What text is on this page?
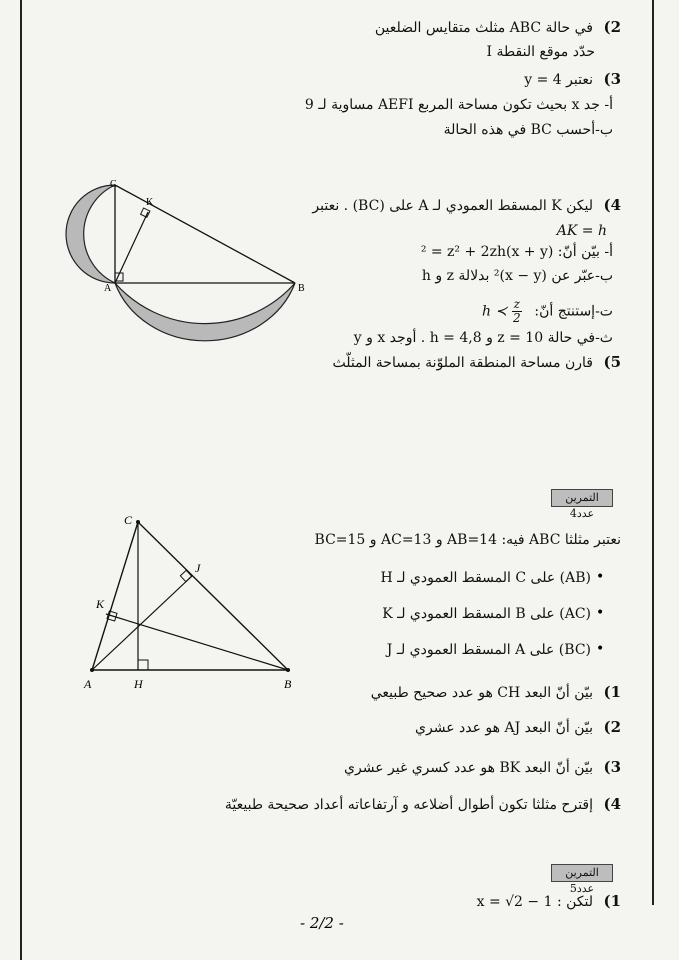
2) في حالة ABC مثلث متقايس الضلعين
حدّد موقع النقطة I
3) نعتبر y = 4
أ- جد x بحيث تكون مساحة المربع AEFI مساوية لـ 9
ب-أحسب BC في هذه الحالة
4) ليكن K المسقط العمودي لـ A على (BC) . نعتبر
AK = h
أ- بيّن أنّ: (x + y)² = z² + 2zh
ب-عبّر عن (x − y)² بدلالة z و h
ت-إستنتج أنّ: h ≺ $\frac{z}{2}$
ث-في حالة z = 10 و h = 4,8 . أوجد x و y
5) قارن مساحة المنطقة الملوّنة بمساحة المثلّث
C
K
A	B
التمرين عدد4
نعتبر مثلثا ABC فيه: AB=14 و AC=13 و BC=15
H المسقط العمودي لـ C على (AB) •
K المسقط العمودي لـ B على (AC) •
J المسقط العمودي لـ A على (BC) •
1) بيّن أنّ البعد CH هو عدد صحيح طبيعي
2) بيّن أنّ البعد AJ هو عدد عشري
3) بيّن أنّ البعد BK هو عدد كسري غير عشري
4) إقترح مثلثا تكون أطوال أضلاعه و آرتفاعاته أعداد صحيحة طبيعيّة
C
J
K
A	H	B
التمرين عدد5
1) لتكن : x = √2 − 1
- 2/2 -
